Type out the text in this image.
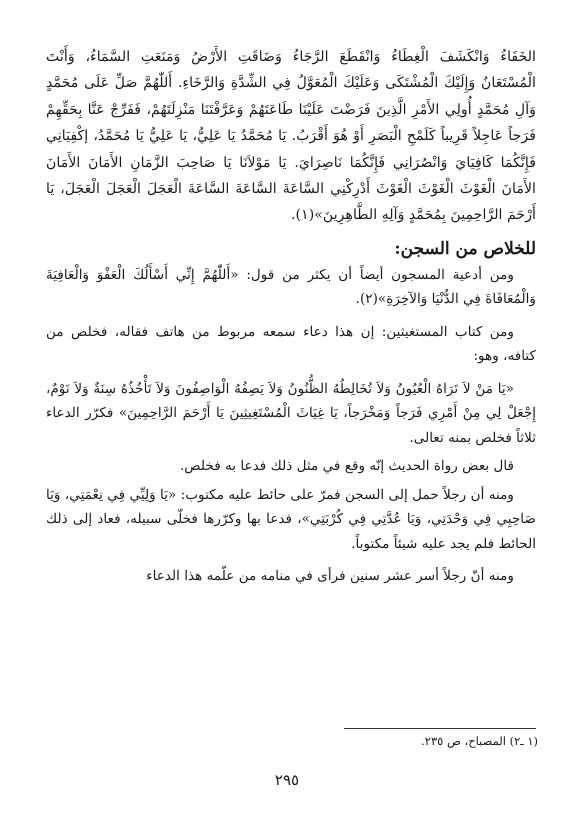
الخَفَاءُ وَانْكَشَفَ الْغِطَاءُ وَانْقَطَعَ الرَّجَاءُ وَضَاقَتِ الأَرْضُ وَمَنَعَتِ السَّمَاءُ، وَأَنْتَ الْمُسْتَعَانُ وَإِلَيْكَ الْمُشْتَكَى وَعَلَيْكَ الْمُعَوَّلُ فِي الشِّدَّةِ وَالرَّخَاءِ. أَللّٰهُمَّ صَلِّ عَلَى مُحَمَّدٍ وَآلِ مُحَمَّدٍ أُولِي الأَمْرِ الَّذِينَ فَرَضْتَ عَلَيْنَا طَاعَتَهُمْ وَعَرَّفْتَنَا مَنْزِلَتَهُمْ، فَفَرِّجْ عَنَّا بِحَقِّهِمْ فَرَجاً عَاجِلاً قَرِيباً كَلَمْحِ الْبَصَرِ أَوْ هُوَ أَقْرَبُ. يَا مُحَمَّدُ يَا عَلِيُّ، يَا عَلِيُّ يَا مُحَمَّدُ، إكْفِيَانِي فَإِنَّكُمَا كَافِيَايَ وَانْصُرَانِي فَإِنَّكُمَا نَاصِرَايَ. يَا مَوْلاَنَا يَا صَاحِبَ الزَّمَانِ الأَمَانَ الأَمَانَ الأَمَانَ الْغَوْثَ الْغَوْثَ الْغَوْثَ أَدْرِكْنِي السَّاعَةَ السَّاعَةَ السَّاعَةَ الْعَجَلَ الْعَجَلَ الْعَجَلَ، يَا أَرْحَمَ الرَّاحِمِينَ بِمُحَمَّدٍ وَآلِهِ الطَّاهِرِينَ»(١).

للخلاص من السجن:

ومن أدعية المسجون أيضاً أن يكثر من قول: «أَللّٰهُمَّ إِنِّي أَسْأَلُكَ الْعَفْوَ وَالْعَافِيَةَ وَالْمُعَافَاةَ فِي الدُّنْيَا وَالآخِرَةِ»(٢).

ومن كتاب المستغيثين: إن هذا دعاء سمعه مربوط من هاتف فقاله، فخلص من كتافه، وهو:

«يَا مَنْ لاَ تَرَاهُ الْعُيُونُ وَلاَ تُخَالِطُهُ الظُّنُونُ وَلاَ يَصِفُهُ الْوَاصِفُونَ وَلاَ تَأْخُذُهُ سِنَةٌ وَلاَ نَوْمٌ، إِجْعَلْ لِي مِنْ أَمْرِي فَرَجاً وَمَخْرَجاً، يَا غِيَاثَ الْمُسْتَغِيثِينَ يَا أَرْحَمَ الرَّاحِمِينَ» فكرّر الدعاء ثلاثاً فخلص بمنه تعالى.

قال بعض رواة الحديث إنّه وقع في مثل ذلك فدعا به فخلص.

ومنه أن رجلاً حمل إلى السجن فمرّ على حائط عليه مكتوب: «يَا وَلِيِّي فِي نِعْمَتِي، وَيَا صَاحِبِي فِي وَحْدَتِي، وَيَا عُدَّتِي فِي كُرْبَتِي»، فدعا بها وكرّرها فخلّى سبيله، فعاد إلى ذلك الحائط فلم يجد عليه شيئاً مكتوباً.

ومنه أنّ رجلاً أسر عشر سنين فرأى في منامه من علّمه هذا الدعاء

(١ ـ٢) المصباح، ص ٢٣٥.
٢٩٥
